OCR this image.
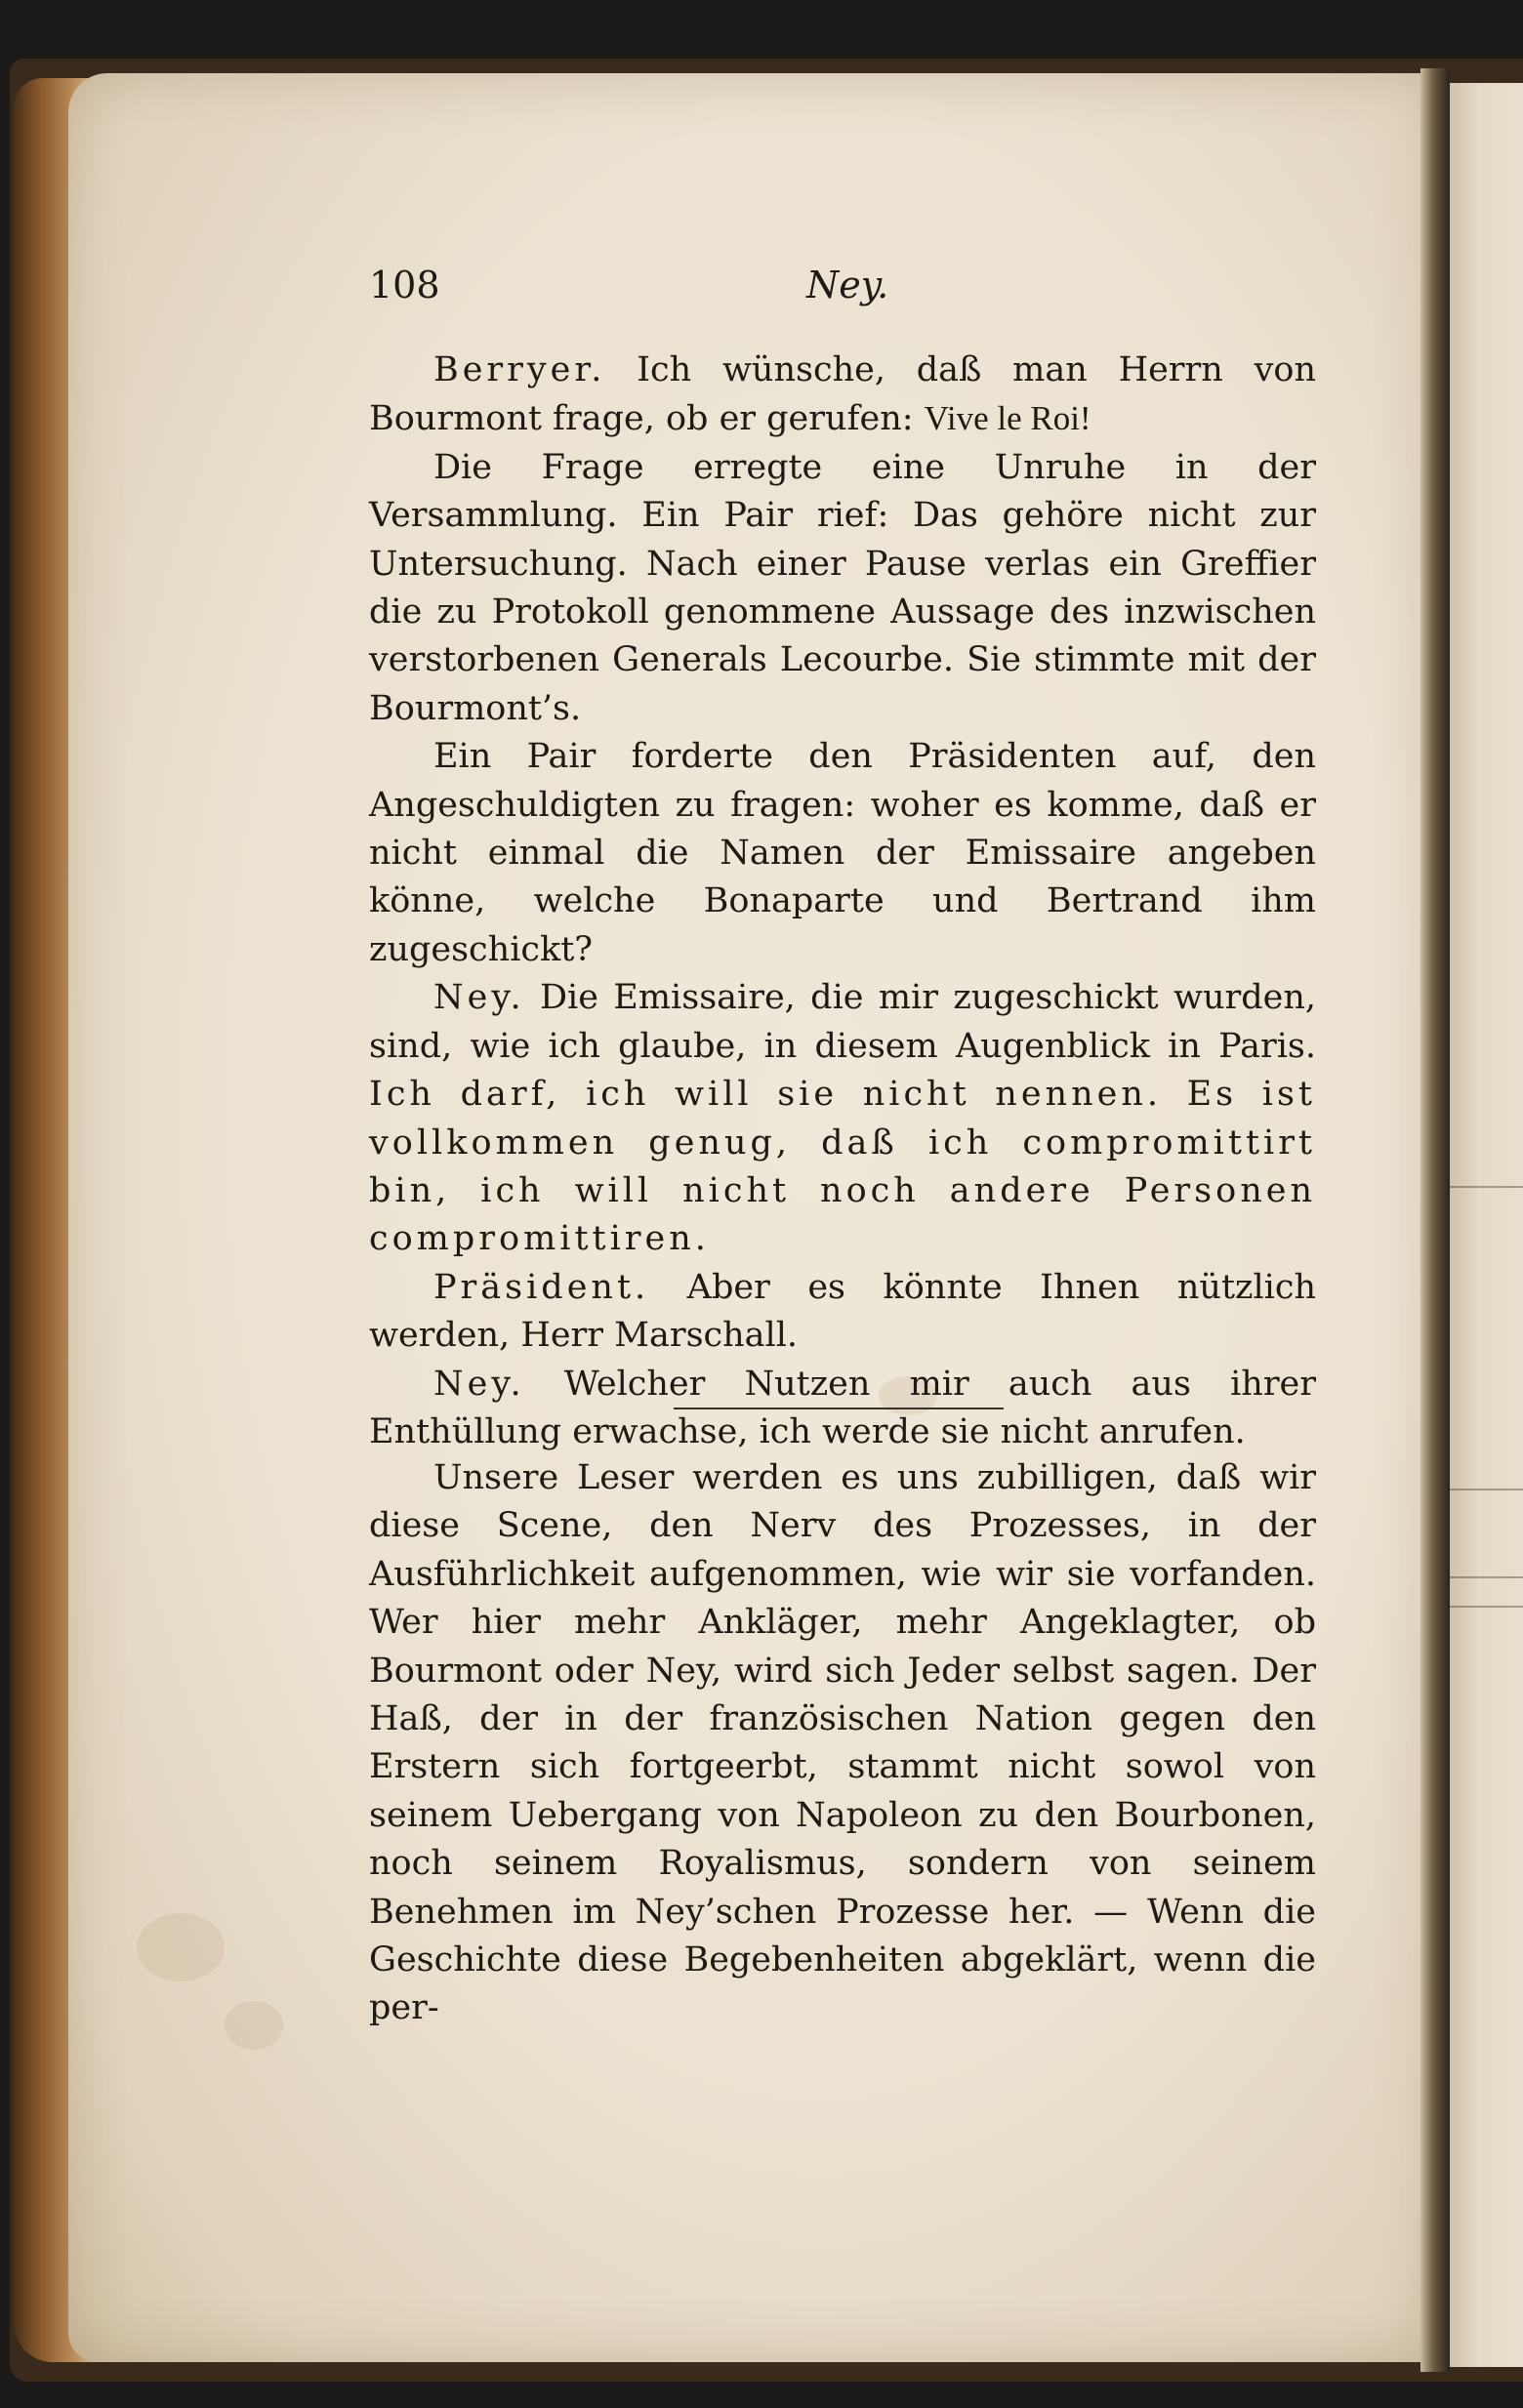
108	Ney.

Berryer. Ich wünsche, daß man Herrn von Bourmont frage, ob er gerufen: Vive le Roi!

Die Frage erregte eine Unruhe in der Versammlung. Ein Pair rief: Das gehöre nicht zur Untersuchung. Nach einer Pause verlas ein Greffier die zu Protokoll genommene Aussage des inzwischen verstorbenen Generals Lecourbe. Sie stimmte mit der Bourmont’s.

Ein Pair forderte den Präsidenten auf, den Angeschuldigten zu fragen: woher es komme, daß er nicht einmal die Namen der Emissaire angeben könne, welche Bonaparte und Bertrand ihm zugeschickt?

Ney. Die Emissaire, die mir zugeschickt wurden, sind, wie ich glaube, in diesem Augenblick in Paris. Ich darf, ich will sie nicht nennen. Es ist vollkommen genug, daß ich compromittirt bin, ich will nicht noch andere Personen compromittiren.

Präsident. Aber es könnte Ihnen nützlich werden, Herr Marschall.

Ney. Welcher Nutzen mir auch aus ihrer Enthüllung erwachse, ich werde sie nicht anrufen.

Unsere Leser werden es uns zubilligen, daß wir diese Scene, den Nerv des Prozesses, in der Ausführlichkeit aufgenommen, wie wir sie vorfanden. Wer hier mehr Ankläger, mehr Angeklagter, ob Bourmont oder Ney, wird sich Jeder selbst sagen. Der Haß, der in der französischen Nation gegen den Erstern sich fortgeerbt, stammt nicht sowol von seinem Uebergang von Napoleon zu den Bourbonen, noch seinem Royalismus, sondern von seinem Benehmen im Ney’schen Prozesse her. — Wenn die Geschichte diese Begebenheiten abgeklärt, wenn die per-
